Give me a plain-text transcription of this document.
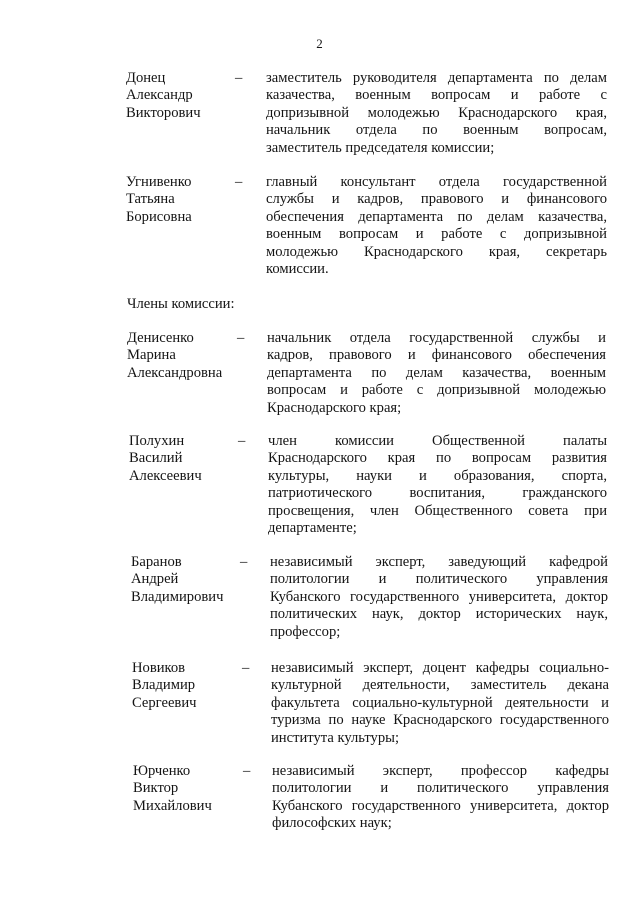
2
Донец
Александр
Викторович
– заместитель руководителя департамента по делам
казачества, военным вопросам и работе с
допризывной молодежью Краснодарского края,
начальник отдела по военным вопросам,
заместитель председателя комиссии;
Угнивенко
Татьяна
Борисовна
– главный консультант отдела государственной
службы и кадров, правового и финансового
обеспечения департамента по делам казачества,
военным вопросам и работе с допризывной
молодежью Краснодарского края, секретарь
комиссии.
Денисенко
Марина
Александровна
– начальник отдела государственной службы и
кадров, правового и финансового обеспечения
департамента по делам казачества, военным
вопросам и работе с допризывной молодежью
Краснодарского края;
Полухин
Василий
Алексеевич
– член комиссии Общественной палаты
Краснодарского края по вопросам развития
культуры, науки и образования, спорта,
патриотического воспитания, гражданского
просвещения, член Общественного совета при
департаменте;
Баранов
Андрей
Владимирович
– независимый эксперт, заведующий кафедрой
политологии и политического управления
Кубанского государственного университета, доктор
политических наук, доктор исторических наук,
профессор;
Новиков
Владимир
Сергеевич
– независимый эксперт, доцент кафедры социально-
культурной деятельности, заместитель декана
факультета социально-культурной деятельности и
туризма по науке Краснодарского государственного
института культуры;
Юрченко
Виктор
Михайлович
– независимый эксперт, профессор кафедры
политологии и политического управления
Кубанского государственного университета, доктор
философских наук;
Члены комиссии:
